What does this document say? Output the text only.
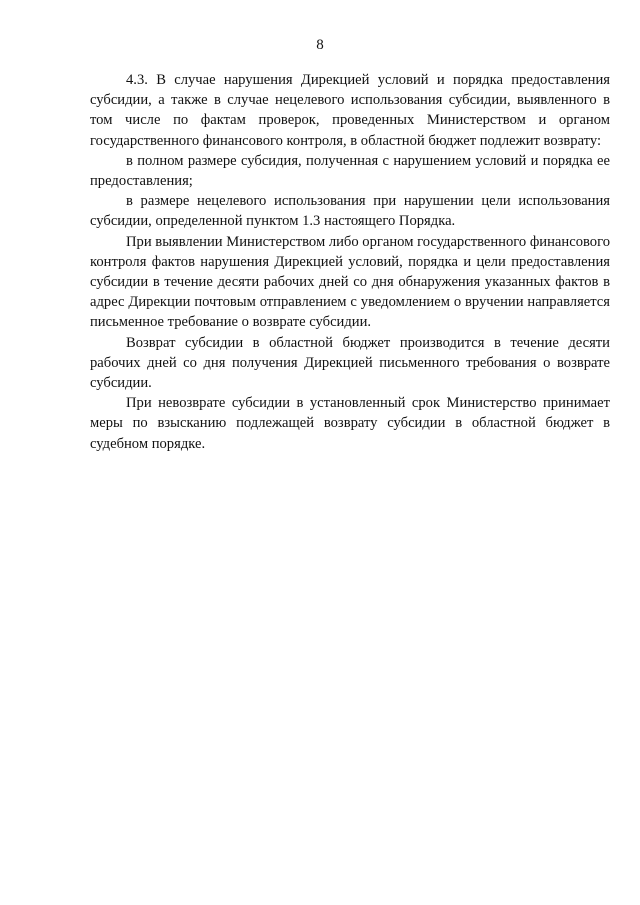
8

4.3. В случае нарушения Дирекцией условий и порядка предоставления субсидии, а также в случае нецелевого использования субсидии, выявленного в том числе по фактам проверок, проведенных Министерством и органом государственного финансового контроля, в областной бюджет подлежит возврату:

в полном размере субсидия, полученная с нарушением условий и порядка ее предоставления;

в размере нецелевого использования при нарушении цели использования субсидии, определенной пунктом 1.3 настоящего Порядка.

При выявлении Министерством либо органом государственного финансового контроля фактов нарушения Дирекцией условий, порядка и цели предоставления субсидии в течение десяти рабочих дней со дня обнаружения указанных фактов в адрес Дирекции почтовым отправлением с уведомлением о вручении направляется письменное требование о возврате субсидии.

Возврат субсидии в областной бюджет производится в течение десяти рабочих дней со дня получения Дирекцией письменного требования о возврате субсидии.

При невозврате субсидии в установленный срок Министерство принимает меры по взысканию подлежащей возврату субсидии в областной бюджет в судебном порядке.
